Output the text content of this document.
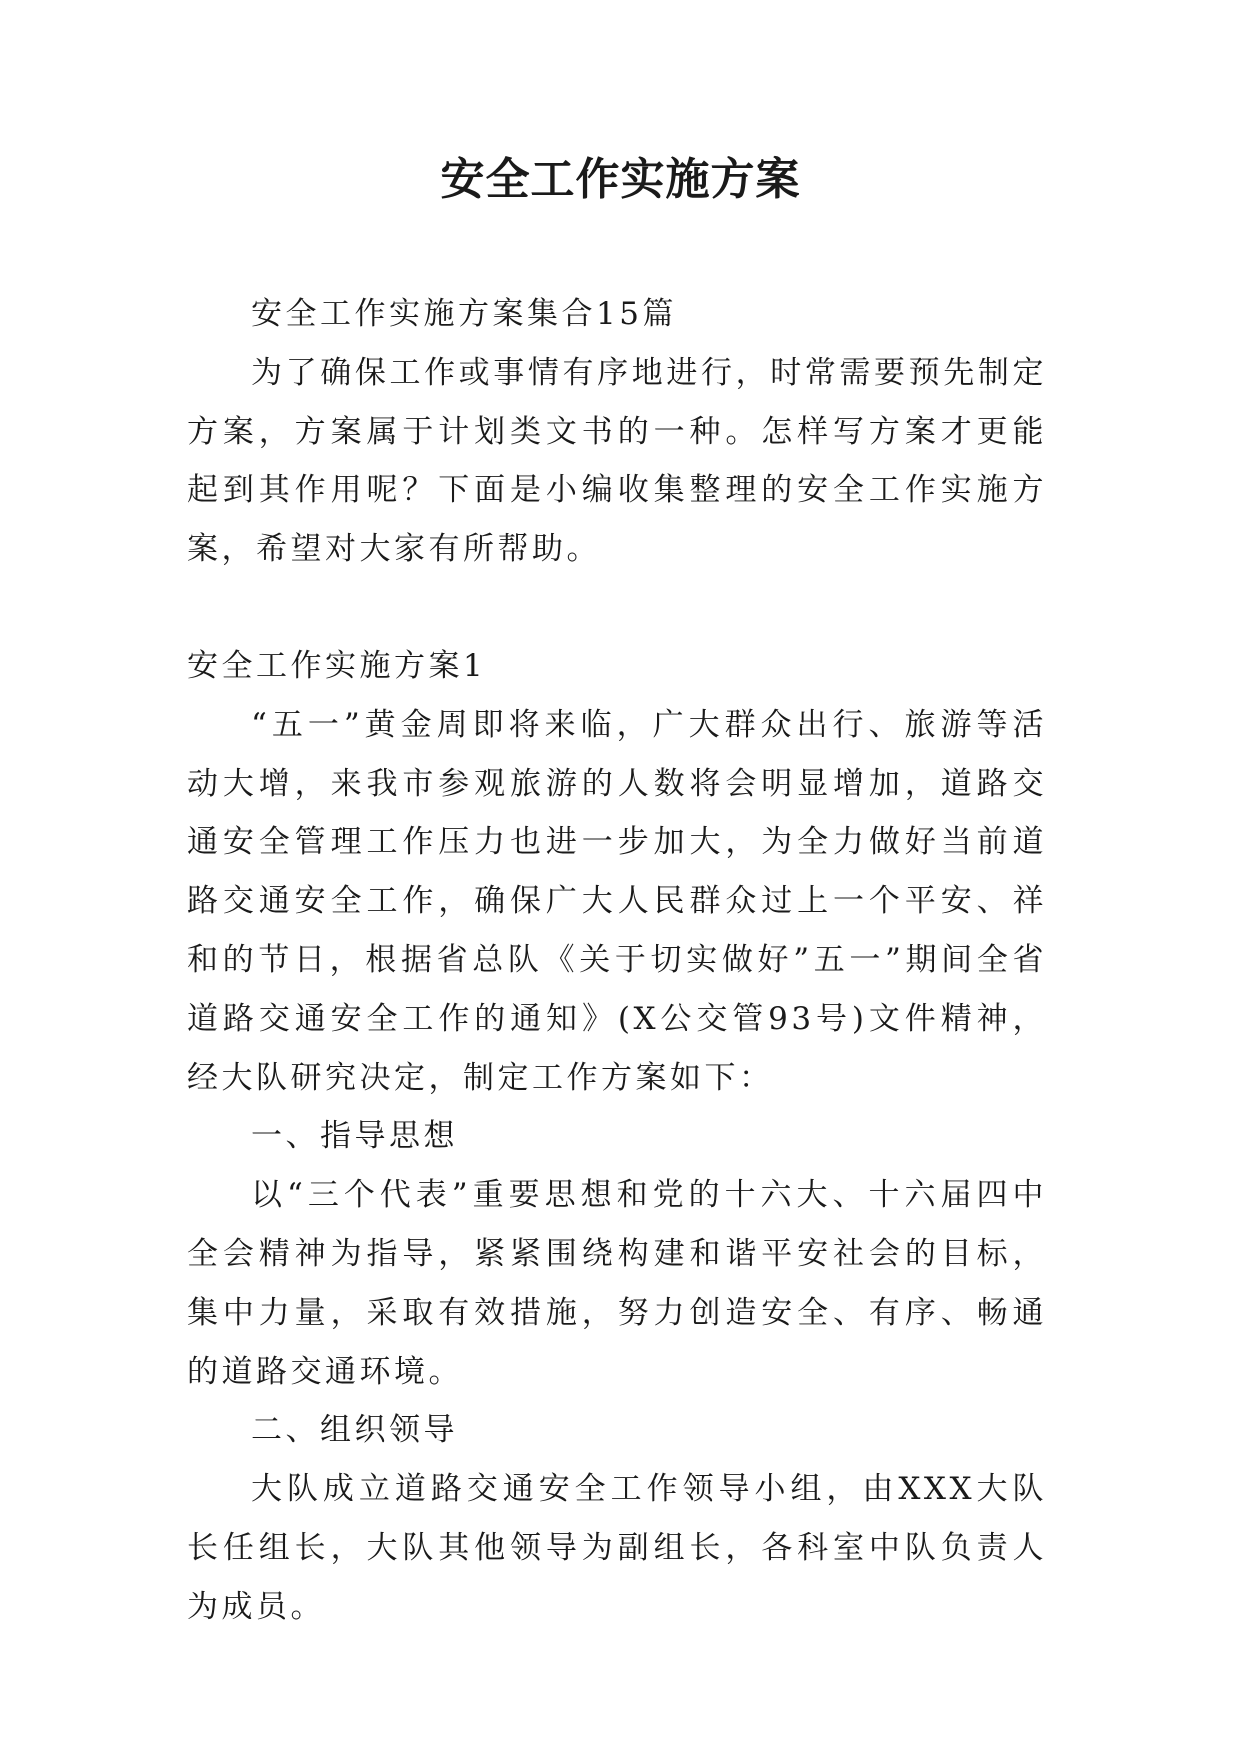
安全工作实施方案

安全工作实施方案集合15篇

为了确保工作或事情有序地进行，时常需要预先制定方案，方案属于计划类文书的一种。怎样写方案才更能起到其作用呢？下面是小编收集整理的安全工作实施方案，希望对大家有所帮助。

安全工作实施方案1

“五一”黄金周即将来临，广大群众出行、旅游等活动大增，来我市参观旅游的人数将会明显增加，道路交通安全管理工作压力也进一步加大，为全力做好当前道路交通安全工作，确保广大人民群众过上一个平安、祥和的节日，根据省总队《关于切实做好”五一”期间全省道路交通安全工作的通知》(X公交管93号)文件精神，经大队研究决定，制定工作方案如下：

一、指导思想

以“三个代表”重要思想和党的十六大、十六届四中全会精神为指导，紧紧围绕构建和谐平安社会的目标，集中力量，采取有效措施，努力创造安全、有序、畅通的道路交通环境。

二、组织领导

大队成立道路交通安全工作领导小组，由XXX大队长任组长，大队其他领导为副组长，各科室中队负责人为成员。
